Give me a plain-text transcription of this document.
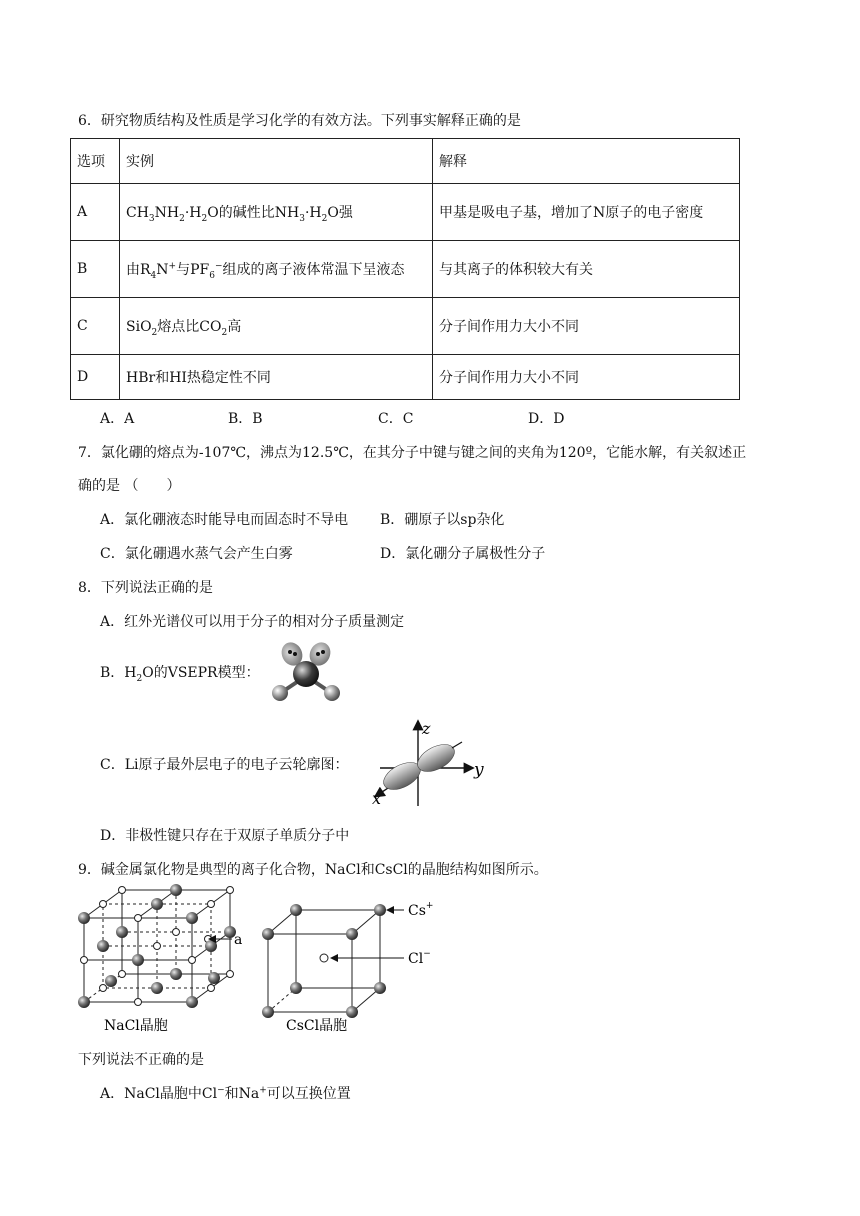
6．研究物质结构及性质是学习化学的有效方法。下列事实解释正确的是
选项	实例	解释
A	$CH_3NH_2\cdot H_2O$的碱性比$NH_3\cdot H_2O$强	甲基是吸电子基，增加了N原子的电子密度
B	由$R_4N^+$与$PF_6^-$组成的离子液体常温下呈液态	与其离子的体积较大有关
C	SiO$_2$熔点比$CO_2$高	分子间作用力大小不同
D	HBr和HI热稳定性不同	分子间作用力大小不同
A．A	B．B	C．C	D．D
7．氯化硼的熔点为-107℃，沸点为12.5℃，在其分子中键与键之间的夹角为120º，它能水解，有关叙述正
确的是 （　　）
A．氯化硼液态时能导电而固态时不导电 B．硼原子以sp杂化
C．氯化硼遇水蒸气会产生白雾	D．氯化硼分子属极性分子
8．下列说法正确的是
A．红外光谱仪可以用于分子的相对分子质量测定
B．$H_2O$的VSEPR模型：
C．Li原子最外层电子的电子云轮廓图：
z
y
x
D．非极性键只存在于双原子单质分子中
9．碱金属氯化物是典型的离子化合物，NaCl和CsCl的晶胞结构如图所示。
a
NaCl晶胞
Cs+
Cl−
CsCl晶胞
下列说法不正确的是
A．NaCl晶胞中Cl−和Na+可以互换位置
